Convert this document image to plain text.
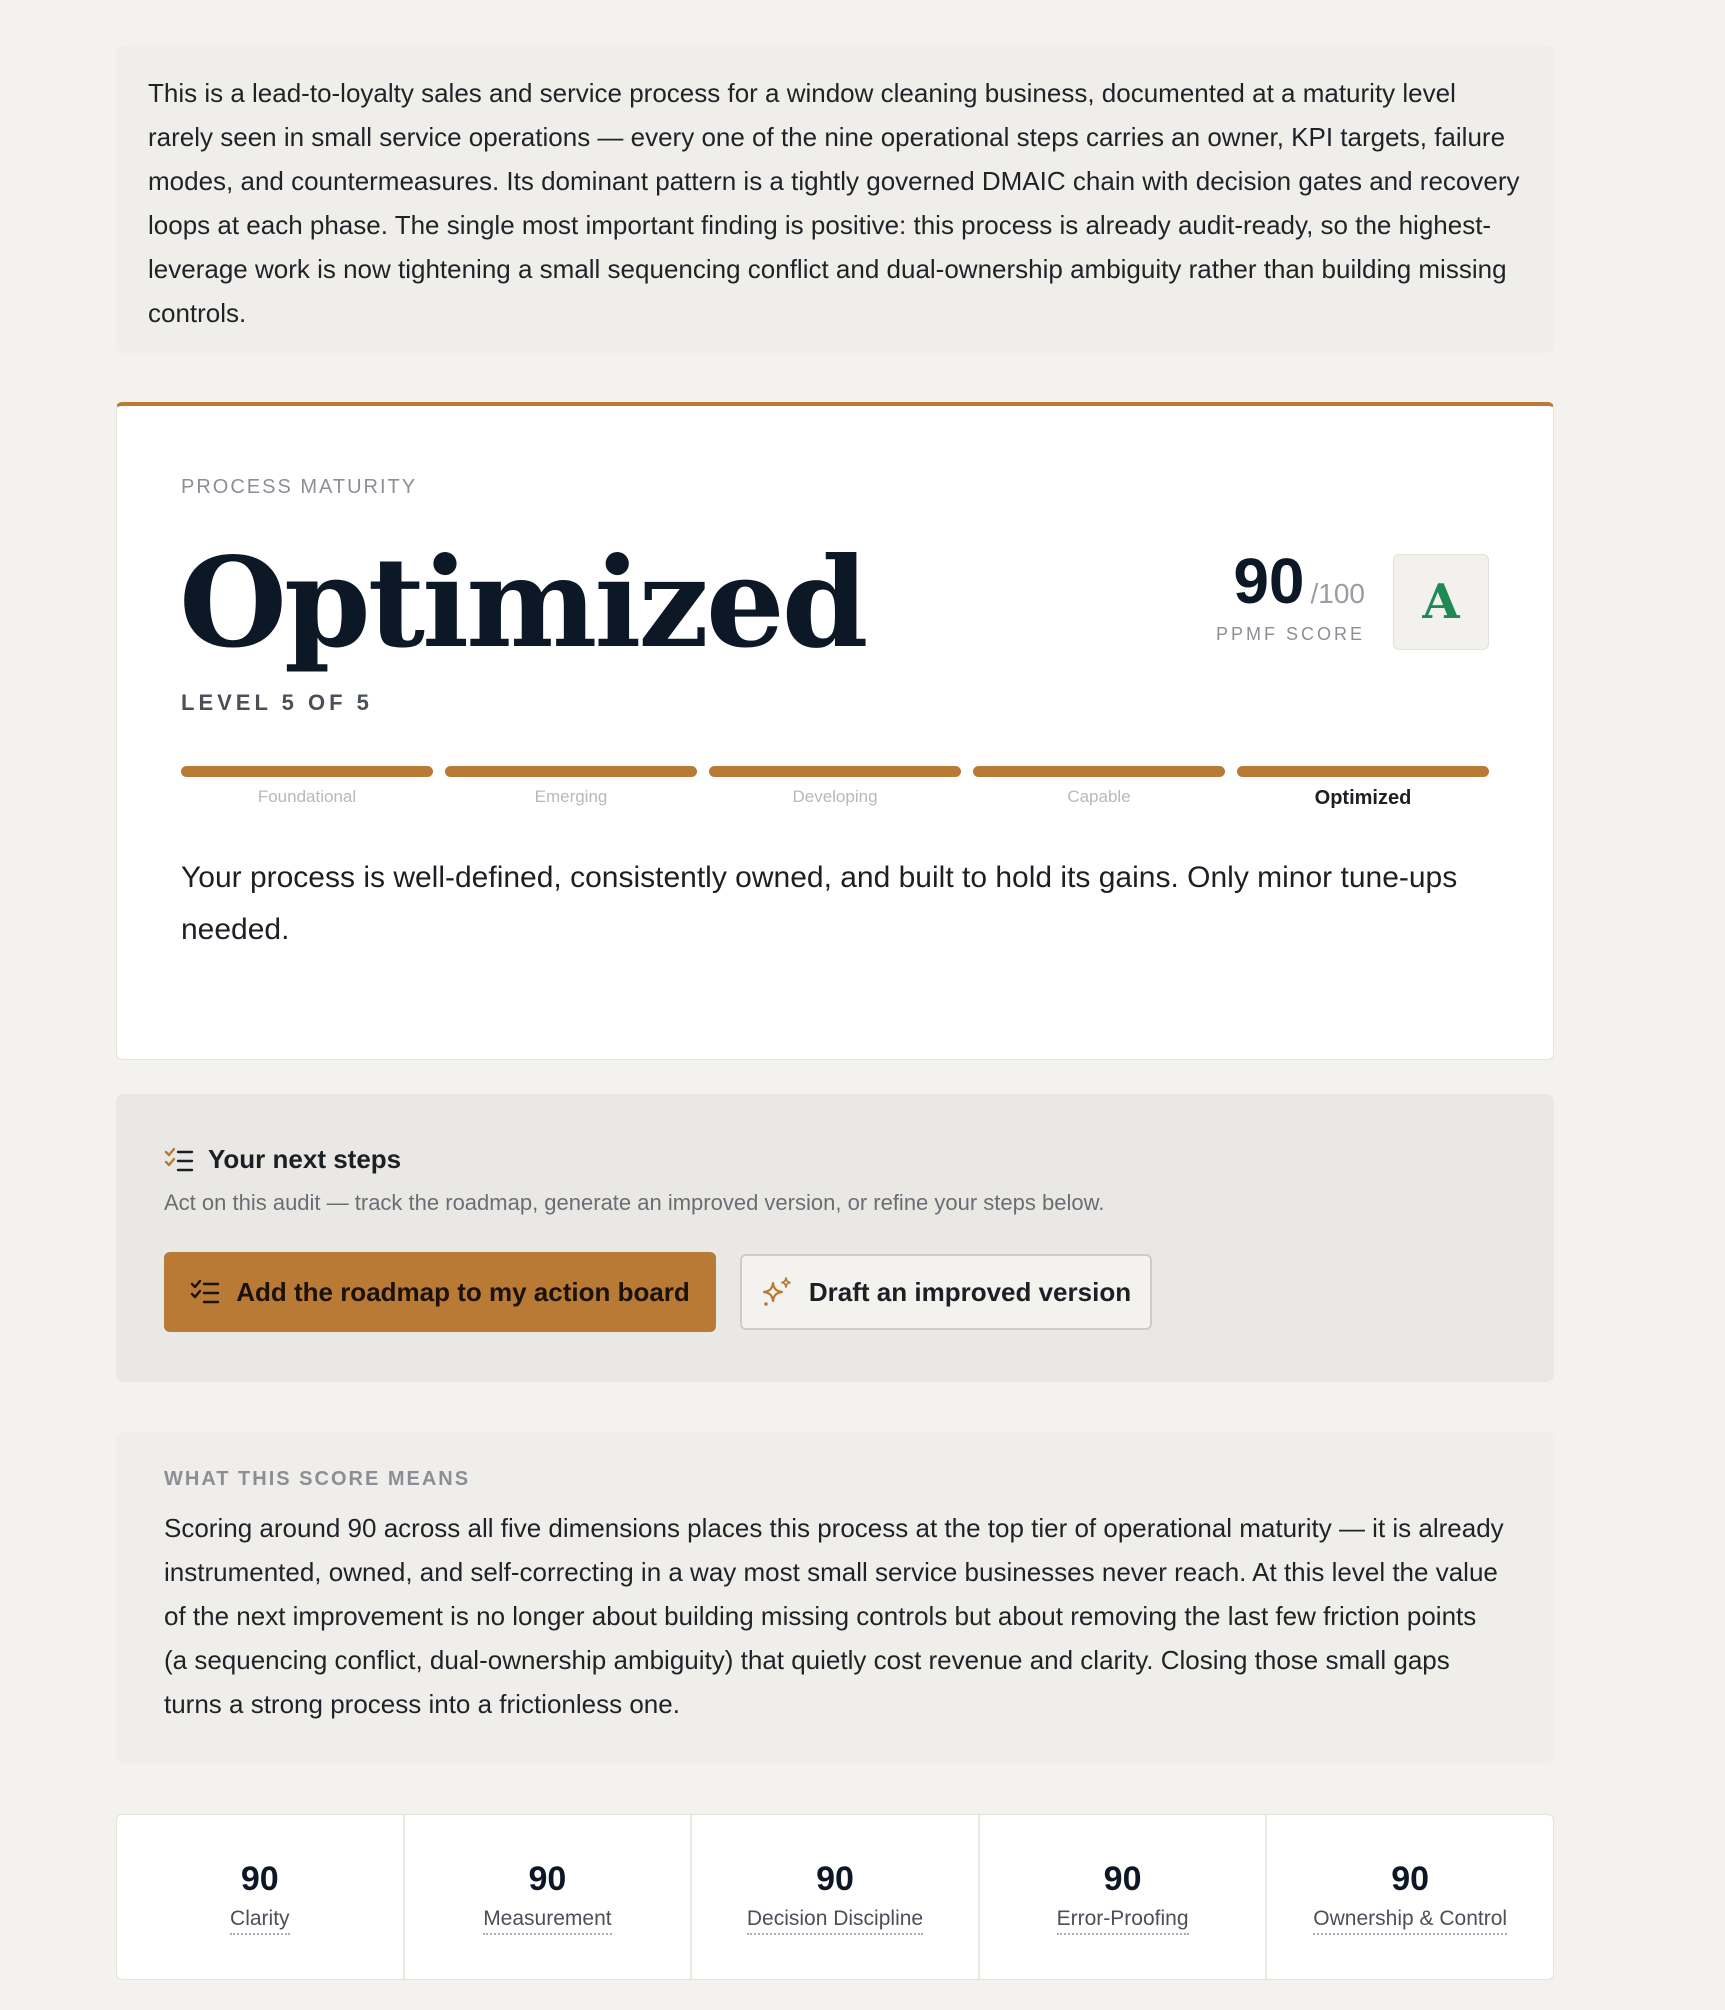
This is a lead-to-loyalty sales and service process for a window cleaning business, documented at a maturity level rarely seen in small service operations — every one of the nine operational steps carries an owner, KPI targets, failure modes, and countermeasures. Its dominant pattern is a tightly governed DMAIC chain with decision gates and recovery loops at each phase. The single most important finding is positive: this process is already audit-ready, so the highest-leverage work is now tightening a small sequencing conflict and dual-ownership ambiguity rather than building missing controls.

PROCESS MATURITY
Optimized
LEVEL 5 OF 5
90 /100
PPMF SCORE
A
Foundational	Emerging	Developing	Capable	Optimized
Your process is well-defined, consistently owned, and built to hold its gains. Only minor tune-ups needed.
Your next steps
Act on this audit — track the roadmap, generate an improved version, or refine your steps below.
Add the roadmap to my action board	Draft an improved version
WHAT THIS SCORE MEANS

Scoring around 90 across all five dimensions places this process at the top tier of operational maturity — it is already instrumented, owned, and self-correcting in a way most small service businesses never reach. At this level the value of the next improvement is no longer about building missing controls but about removing the last few friction points (a sequencing conflict, dual-ownership ambiguity) that quietly cost revenue and clarity. Closing those small gaps turns a strong process into a frictionless one.

90
Clarity
90
Measurement
90
Decision Discipline
90
Error-Proofing
90
Ownership & Control
